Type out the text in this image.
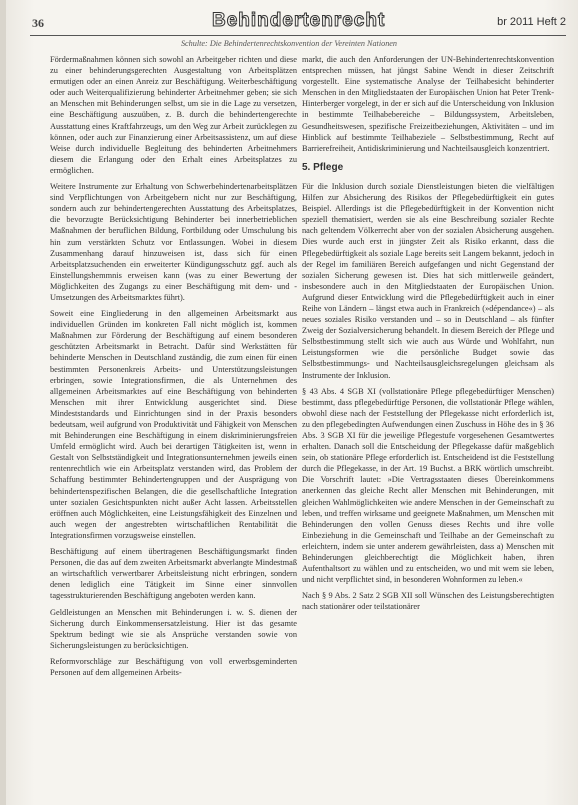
36	Behindertenrecht	br 2011 Heft 2
Schulte: Die Behindertenrechtskonvention der Vereinten Nationen

Fördermaßnahmen können sich sowohl an Arbeitgeber richten und diese zu einer behinderungsgerechten Ausgestaltung von Arbeitsplätzen ermutigen oder an einen Anreiz zur Beschäftigung. Weiterbeschäftigung oder auch Weiterqualifizierung behinderter Arbeitnehmer geben; sie sich an Menschen mit Behinderungen selbst, um sie in die Lage zu versetzen, eine Beschäftigung auszuüben, z. B. durch die behindertengerechte Ausstattung eines Kraftfahrzeugs, um den Weg zur Arbeit zurücklegen zu können, oder auch zur Finanzierung einer Arbeitsassistenz, um auf diese Weise durch individuelle Begleitung des behinderten Arbeitnehmers diesem die Erlangung oder den Erhalt eines Arbeitsplatzes zu ermöglichen.

Weitere Instrumente zur Erhaltung von Schwerbehindertenarbeitsplätzen sind Verpflichtungen von Arbeitgebern nicht nur zur Beschäftigung, sondern auch zur behindertengerechten Ausstattung des Arbeitsplatzes, die bevorzugte Berücksichtigung Behinderter bei innerbetrieblichen Maßnahmen der beruflichen Bildung, Fortbildung oder Umschulung bis hin zum verstärkten Schutz vor Entlassungen. Wobei in diesem Zusammenhang darauf hinzuweisen ist, dass sich für einen Arbeitsplatzsuchenden ein erweiterter Kündigungsschutz ggf. auch als Einstellungshemmnis erweisen kann (was zu einer Bewertung der Möglichkeiten des Zugangs zu einer Beschäftigung mit dem- und -Umsetzungen des Arbeitsmarktes führt).

Soweit eine Eingliederung in den allgemeinen Arbeitsmarkt aus individuellen Gründen im konkreten Fall nicht möglich ist, kommen Maßnahmen zur Förderung der Beschäftigung auf einem besonderen geschützten Arbeitsmarkt in Betracht. Dafür sind Werkstätten für behinderte Menschen in Deutschland zuständig, die zum einen für einen bestimmten Personenkreis Arbeits- und Unterstützungsleistungen erbringen, sowie Integrationsfirmen, die als Unternehmen des allgemeinen Arbeitsmarktes auf eine Beschäftigung von behinderten Menschen mit ihrer Entwicklung ausgerichtet sind. Diese Mindeststandards und Einrichtungen sind in der Praxis besonders bedeutsam, weil aufgrund von Produktivität und Fähigkeit von Menschen mit Behinderungen eine Beschäftigung in einem diskriminierungsfreien Umfeld ermöglicht wird. Auch bei derartigen Tätigkeiten ist, wenn in Gestalt von Selbstständigkeit und Integrationsunternehmen jeweils einen rentenrechtlich wie ein Arbeitsplatz verstanden wird, das Problem der Schaffung bestimmter Behindertengruppen und der Ausprägung von behindertenspezifischen Belangen, die die gesellschaftliche Integration unter sozialen Gesichtspunkten nicht außer Acht lassen. Arbeitsstellen eröffnen auch Möglichkeiten, eine Leistungsfähigkeit des Einzelnen und auch wegen der angestrebten wirtschaftlichen Rentabilität die Integrationsfirmen vorzugsweise einstellen.

Beschäftigung auf einem übertragenen Beschäftigungsmarkt finden Personen, die das auf dem zweiten Arbeitsmarkt abverlangte Mindestmaß an wirtschaftlich verwertbarer Arbeitsleistung nicht erbringen, sondern denen lediglich eine Tätigkeit im Sinne einer sinnvollen tagesstrukturierenden Beschäftigung angeboten werden kann.

Geldleistungen an Menschen mit Behinderungen i. w. S. dienen der Sicherung durch Einkommensersatzleistung. Hier ist das gesamte Spektrum bedingt wie sie als Ansprüche verstanden sowie von Sicherungsleistungen zu berücksichtigen.

Reformvorschläge zur Beschäftigung von voll erwerbsgeminderten Personen auf dem allgemeinen Arbeits-

markt, die auch den Anforderungen der UN-Behindertenrechtskonvention entsprechen müssen, hat jüngst Sabine Wendt in dieser Zeitschrift vorgestellt. Eine systematische Analyse der Teilhabesicht behinderter Menschen in den Mitgliedstaaten der Europäischen Union hat Peter Trenk-Hinterberger vorgelegt, in der er sich auf die Unterscheidung von Inklusion in bestimmte Teilhabebereiche – Bildungssystem, Arbeitsleben, Gesundheitswesen, spezifische Freizeitbeziehungen, Aktivitäten – und im Hinblick auf bestimmte Teilhabeziele – Selbstbestimmung, Recht auf Barrierefreiheit, Antidiskriminierung und Nachteilsausgleich konzentriert.

5. Pflege

Für die Inklusion durch soziale Dienstleistungen bieten die vielfältigen Hilfen zur Absicherung des Risikos der Pflegebedürftigkeit ein gutes Beispiel. Allerdings ist die Pflegebedürftigkeit in der Konvention nicht speziell thematisiert, werden sie als eine Beschreibung sozialer Rechte nach geltendem Völkerrecht aber von der sozialen Absicherung ausgehen. Dies wurde auch erst in jüngster Zeit als Risiko erkannt, dass die Pflegebedürftigkeit als soziale Lage bereits seit Langem bekannt, jedoch in der Regel im familiären Bereich aufgefangen und nicht Gegenstand der sozialen Sicherung gewesen ist. Dies hat sich mittlerweile geändert, insbesondere auch in den Mitgliedstaaten der Europäischen Union. Aufgrund dieser Entwicklung wird die Pflegebedürftigkeit auch in einer Reihe von Ländern – längst etwa auch in Frankreich (»dépendance«) – als neues soziales Risiko verstanden und – so in Deutschland – als fünfter Zweig der Sozialversicherung behandelt. In diesem Bereich der Pflege und Selbstbestimmung stellt sich wie auch aus Würde und Wohlfahrt, nun Leistungsformen wie die persönliche Budget sowie das Selbstbestimmungs- und Nachteilsausgleichsregelungen gleichsam als Instrumente der Inklusion.

§ 43 Abs. 4 SGB XI (vollstationäre Pflege pflegebedürftiger Menschen) bestimmt, dass pflegebedürftige Personen, die vollstationär Pflege wählen, obwohl diese nach der Feststellung der Pflegekasse nicht erforderlich ist, zu den pflegebedingten Aufwendungen einen Zuschuss in Höhe des in § 36 Abs. 3 SGB XI für die jeweilige Pflegestufe vorgesehenen Gesamtwertes erhalten. Danach soll die Entscheidung der Pflegekasse dafür maßgeblich sein, ob stationäre Pflege erforderlich ist. Entscheidend ist die Feststellung durch die Pflegekasse, in der Art. 19 Buchst. a BRK wörtlich umschreibt. Die Vorschrift lautet: »Die Vertragsstaaten dieses Übereinkommens anerkennen das gleiche Recht aller Menschen mit Behinderungen, mit gleichen Wahlmöglichkeiten wie andere Menschen in der Gemeinschaft zu leben, und treffen wirksame und geeignete Maßnahmen, um Menschen mit Behinderungen den vollen Genuss dieses Rechts und ihre volle Einbeziehung in die Gemeinschaft und Teilhabe an der Gemeinschaft zu erleichtern, indem sie unter anderem gewährleisten, dass a) Menschen mit Behinderungen gleichberechtigt die Möglichkeit haben, ihren Aufenthaltsort zu wählen und zu entscheiden, wo und mit wem sie leben, und nicht verpflichtet sind, in besonderen Wohnformen zu leben.«

Nach § 9 Abs. 2 Satz 2 SGB XII soll Wünschen des Leistungsberechtigten nach stationärer oder teilstationärer
